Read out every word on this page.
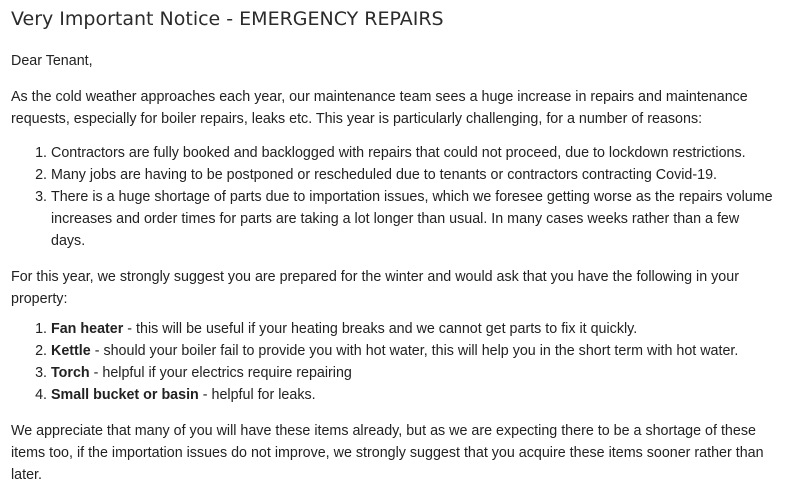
Very Important Notice - EMERGENCY REPAIRS

Dear Tenant,

As the cold weather approaches each year, our maintenance team sees a huge increase in repairs and maintenance requests, especially for boiler repairs, leaks etc. This year is particularly challenging, for a number of reasons:

1. Contractors are fully booked and backlogged with repairs that could not proceed, due to lockdown restrictions.
2. Many jobs are having to be postponed or rescheduled due to tenants or contractors contracting Covid-19.
3. There is a huge shortage of parts due to importation issues, which we foresee getting worse as the repairs volume increases and order times for parts are taking a lot longer than usual. In many cases weeks rather than a few days.

For this year, we strongly suggest you are prepared for the winter and would ask that you have the following in your property:

1. Fan heater - this will be useful if your heating breaks and we cannot get parts to fix it quickly.
2. Kettle - should your boiler fail to provide you with hot water, this will help you in the short term with hot water.
3. Torch - helpful if your electrics require repairing
4. Small bucket or basin - helpful for leaks.

We appreciate that many of you will have these items already, but as we are expecting there to be a shortage of these items too, if the importation issues do not improve, we strongly suggest that you acquire these items sooner rather than later.
